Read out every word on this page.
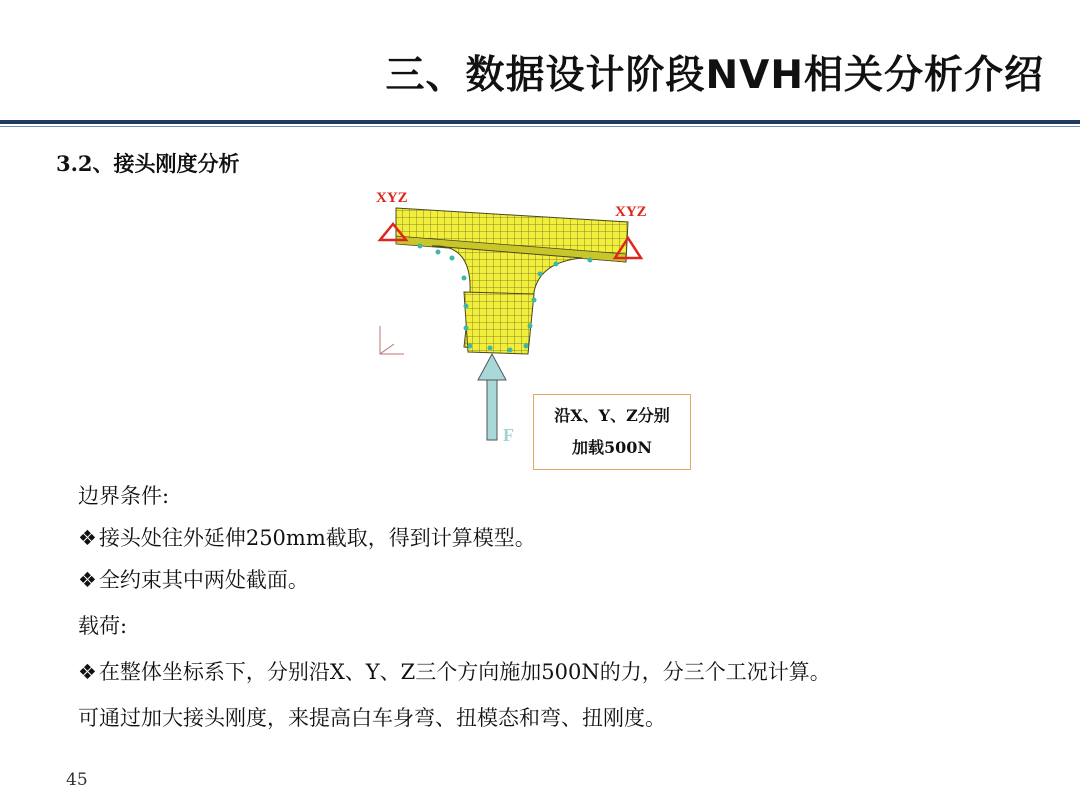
三、数据设计阶段NVH相关分析介绍
3.2、接头刚度分析
XYZ
XYZ
F
沿X、Y、Z分别
加载500N
边界条件:
❖接头处往外延伸250mm截取，得到计算模型。
❖全约束其中两处截面。
载荷:
❖在整体坐标系下，分别沿X、Y、Z三个方向施加500N的力，分三个工况计算。
可通过加大接头刚度，来提高白车身弯、扭模态和弯、扭刚度。
45
